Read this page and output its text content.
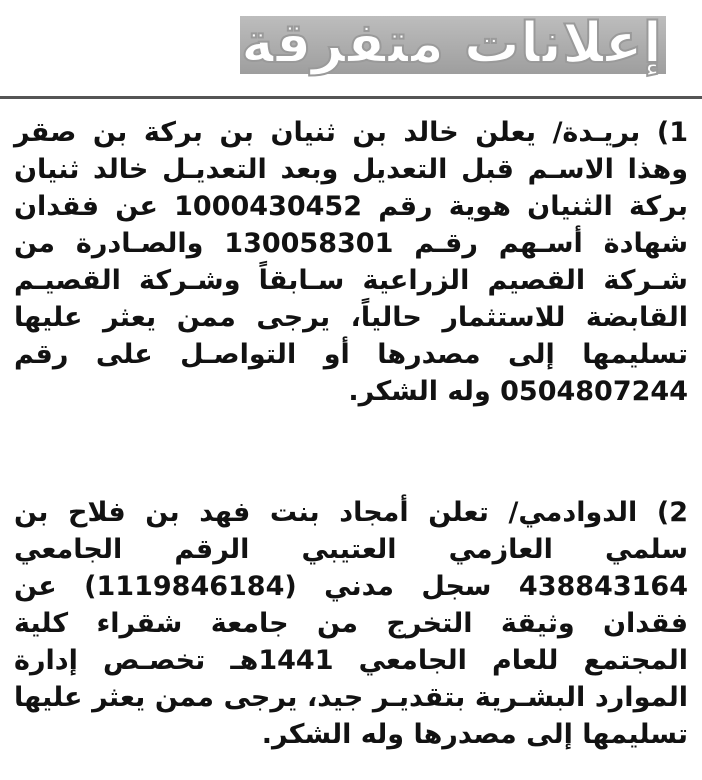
إعلانات متفرقة
1) بريـدة/ يعلن خالد بن ثنيان بن بركة بن صقر وهذا الاسـم قبل التعديل وبعد التعديـل خالد ثنيان بركة الثنيان هوية رقم 1000430452 عن فقدان شهادة أسـهم رقـم 130058301 والصـادرة من شـركة القصيم الزراعية سـابقاً وشـركة القصيـم القابضة للاستثمار حالياً، يرجى ممن يعثر عليها تسليمها إلى مصدرها أو التواصـل على رقم 0504807244 وله الشكر.
2) الدوادمي/ تعلن أمجاد بنت فهد بن فلاح بن سلمي العازمي العتيبي الرقم الجامعي 438843164 سجل مدني (1119846184) عن فقدان وثيقة التخرج من جامعة شقراء كلية المجتمع للعام الجامعي 1441هـ تخصـص إدارة الموارد البشـرية بتقديـر جيد، يرجى ممن يعثر عليها تسليمها إلى مصدرها وله الشكر.
